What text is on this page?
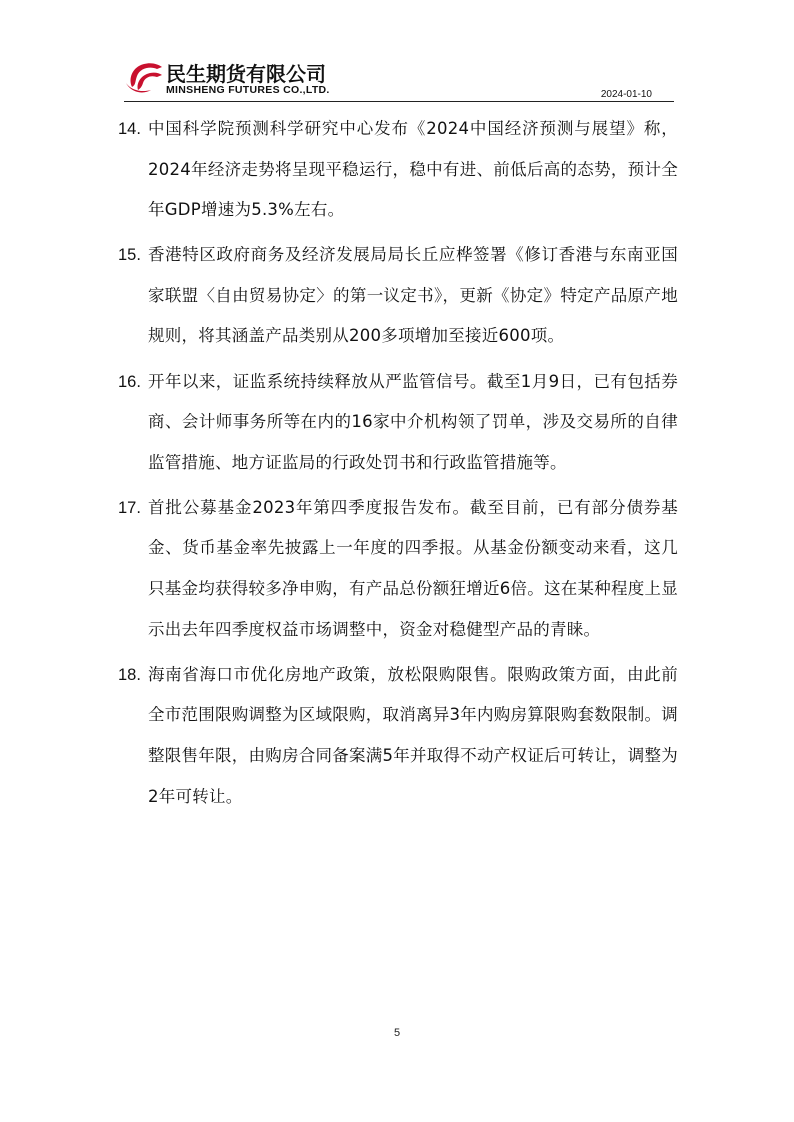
民生期货有限公司
MINSHENG FUTURES CO.,LTD.	2024-01-10
14. 中国科学院预测科学研究中心发布《2024中国经济预测与展望》称，2024年经济走势将呈现平稳运行，稳中有进、前低后高的态势，预计全年GDP增速为5.3%左右。
15. 香港特区政府商务及经济发展局局长丘应桦签署《修订香港与东南亚国家联盟〈自由贸易协定〉的第一议定书》，更新《协定》特定产品原产地规则，将其涵盖产品类别从200多项增加至接近600项。
16. 开年以来，证监系统持续释放从严监管信号。截至1月9日，已有包括券商、会计师事务所等在内的16家中介机构领了罚单，涉及交易所的自律监管措施、地方证监局的行政处罚书和行政监管措施等。
17. 首批公募基金2023年第四季度报告发布。截至目前，已有部分债券基金、货币基金率先披露上一年度的四季报。从基金份额变动来看，这几只基金均获得较多净申购，有产品总份额狂增近6倍。这在某种程度上显示出去年四季度权益市场调整中，资金对稳健型产品的青睐。
18. 海南省海口市优化房地产政策，放松限购限售。限购政策方面，由此前全市范围限购调整为区域限购，取消离异3年内购房算限购套数限制。调整限售年限，由购房合同备案满5年并取得不动产权证后可转让，调整为2年可转让。
5
